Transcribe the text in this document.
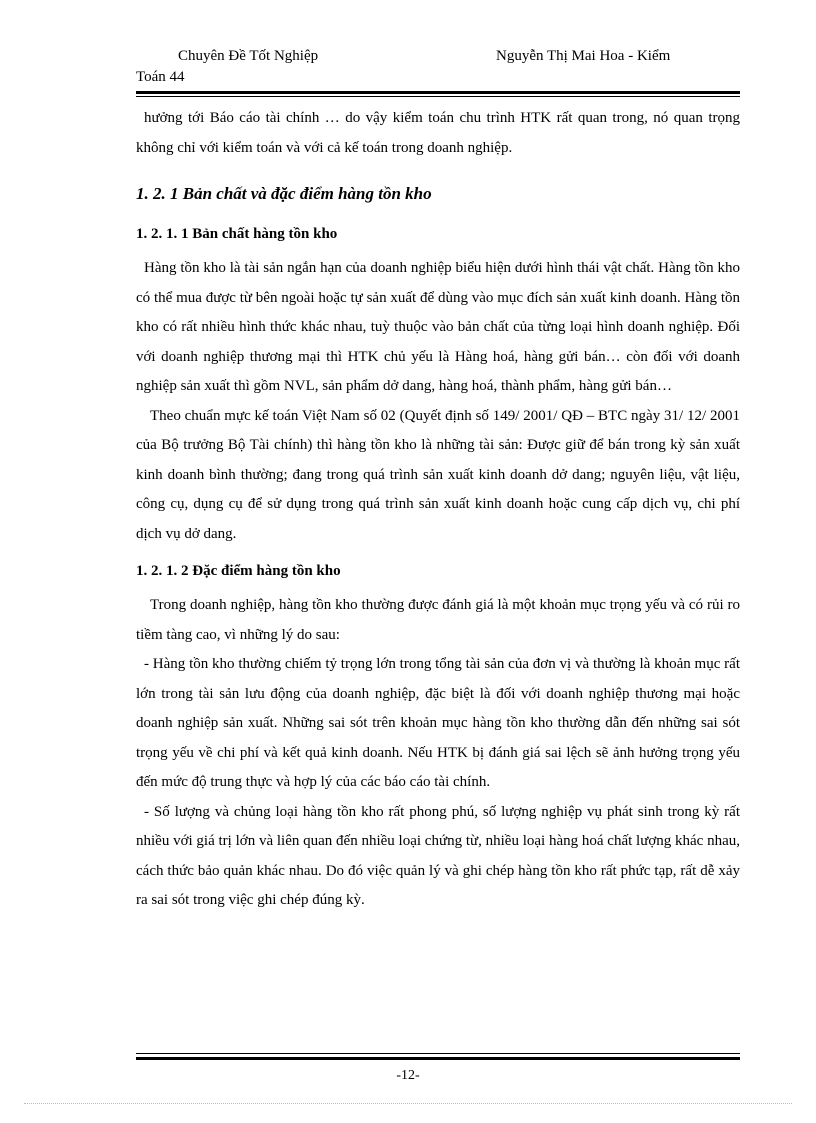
Chuyên Đề Tốt Nghiệp	Nguyễn Thị Mai Hoa - Kiểm
Toán 44

hưởng tới Báo cáo tài chính … do vậy kiểm toán chu trình HTK rất quan trong, nó quan trọng không chỉ với kiểm toán và với cả kế toán trong doanh nghiệp.

1. 2. 1 Bản chất và đặc điểm hàng tồn kho
1. 2. 1. 1 Bản chất hàng tồn kho

Hàng tồn kho là tài sản ngắn hạn của doanh nghiệp biểu hiện dưới hình thái vật chất. Hàng tồn kho có thể mua được từ bên ngoài hoặc tự sản xuất để dùng vào mục đích sản xuất kinh doanh. Hàng tồn kho có rất nhiều hình thức khác nhau, tuỳ thuộc vào bản chất của từng loại hình doanh nghiệp. Đối với doanh nghiệp thương mại thì HTK chủ yếu là Hàng hoá, hàng gửi bán… còn đối với doanh nghiệp sản xuất thì gồm NVL, sản phẩm dở dang, hàng hoá, thành phẩm, hàng gửi bán…

Theo chuẩn mực kế toán Việt Nam số 02 (Quyết định số 149/ 2001/ QĐ – BTC ngày 31/ 12/ 2001 của Bộ trưởng Bộ Tài chính) thì hàng tồn kho là những tài sản: Được giữ để bán trong kỳ sản xuất kinh doanh bình thường; đang trong quá trình sản xuất kinh doanh dở dang; nguyên liệu, vật liệu, công cụ, dụng cụ để sử dụng trong quá trình sản xuất kinh doanh hoặc cung cấp dịch vụ, chi phí dịch vụ dở dang.

1. 2. 1. 2 Đặc điểm hàng tồn kho

Trong doanh nghiệp, hàng tồn kho thường được đánh giá là một khoản mục trọng yếu và có rủi ro tiềm tàng cao, vì những lý do sau:

- Hàng tồn kho thường chiếm tỷ trọng lớn trong tổng tài sản của đơn vị và thường là khoản mục rất lớn trong tài sản lưu động của doanh nghiệp, đặc biệt là đối với doanh nghiệp thương mại hoặc doanh nghiệp sản xuất. Những sai sót trên khoản mục hàng tồn kho thường dẫn đến những sai sót trọng yếu về chi phí và kết quả kinh doanh. Nếu HTK bị đánh giá sai lệch sẽ ảnh hưởng trọng yếu đến mức độ trung thực và hợp lý của các báo cáo tài chính.

- Số lượng và chủng loại hàng tồn kho rất phong phú, số lượng nghiệp vụ phát sinh trong kỳ rất nhiều với giá trị lớn và liên quan đến nhiều loại chứng từ, nhiều loại hàng hoá chất lượng khác nhau, cách thức bảo quản khác nhau. Do đó việc quản lý và ghi chép hàng tồn kho rất phức tạp, rất dễ xảy ra sai sót trong việc ghi chép đúng kỳ.

-12-
